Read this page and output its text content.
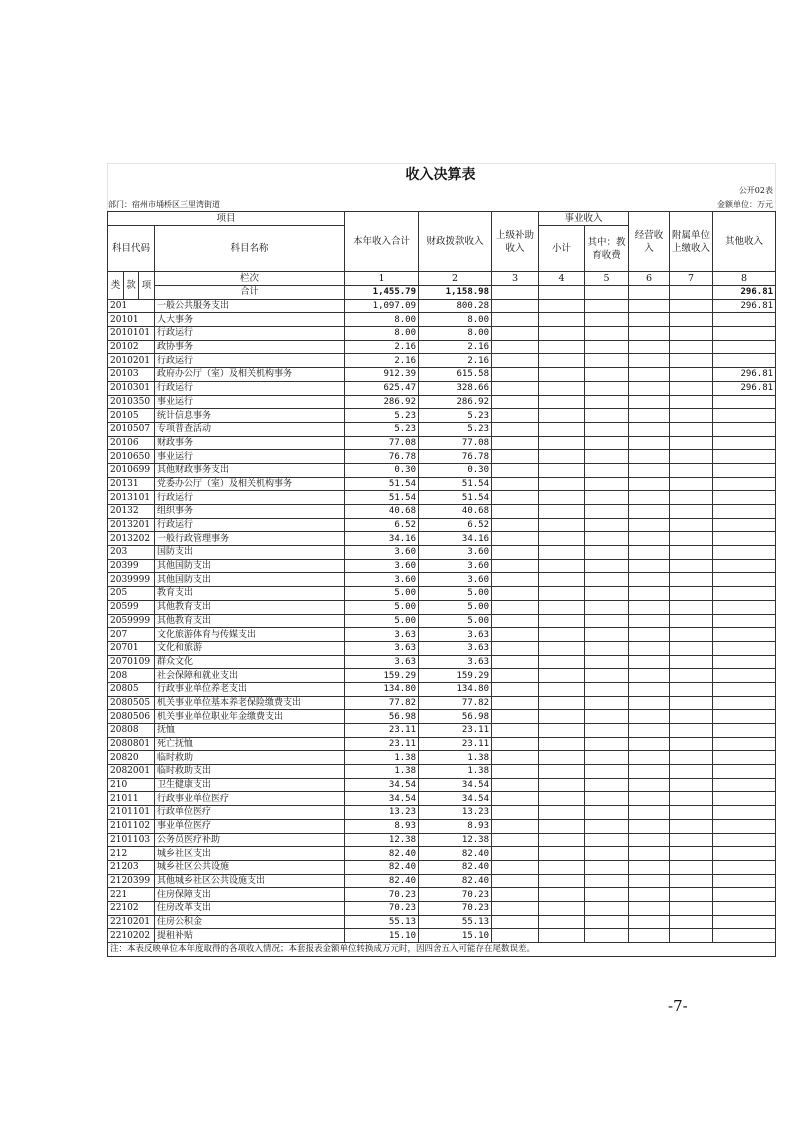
收入决算表
公开02表
部门：宿州市埇桥区三里湾街道	金额单位：万元
项目				本年收入合计	财政拨款收入	上级补助收入	事业收入		经营收入	附属单位上缴收入	其他收入
科目代码			科目名称				小计	其中：教育收费			
类	款	项	栏次	1	2	3	4	5	6	7	8
			合计	1,455.79	1,158.98						296.81
201			一般公共服务支出	1,097.09	800.28						296.81
20101			人大事务	8.00	8.00						
2010101			行政运行	8.00	8.00						
20102			政协事务	2.16	2.16						
2010201			行政运行	2.16	2.16						
20103			政府办公厅（室）及相关机构事务	912.39	615.58						296.81
2010301			行政运行	625.47	328.66						296.81
2010350			事业运行	286.92	286.92						
20105			统计信息事务	5.23	5.23						
2010507			专项普查活动	5.23	5.23						
20106			财政事务	77.08	77.08						
2010650			事业运行	76.78	76.78						
2010699			其他财政事务支出	0.30	0.30						
20131			党委办公厅（室）及相关机构事务	51.54	51.54						
2013101			行政运行	51.54	51.54						
20132			组织事务	40.68	40.68						
2013201			行政运行	6.52	6.52						
2013202			一般行政管理事务	34.16	34.16						
203			国防支出	3.60	3.60						
20399			其他国防支出	3.60	3.60						
2039999			其他国防支出	3.60	3.60						
205			教育支出	5.00	5.00						
20599			其他教育支出	5.00	5.00						
2059999			其他教育支出	5.00	5.00						
207			文化旅游体育与传媒支出	3.63	3.63						
20701			文化和旅游	3.63	3.63						
2070109			群众文化	3.63	3.63						
208			社会保障和就业支出	159.29	159.29						
20805			行政事业单位养老支出	134.80	134.80						
2080505			机关事业单位基本养老保险缴费支出	77.82	77.82						
2080506			机关事业单位职业年金缴费支出	56.98	56.98						
20808			抚恤	23.11	23.11						
2080801			死亡抚恤	23.11	23.11						
20820			临时救助	1.38	1.38						
2082001			临时救助支出	1.38	1.38						
210			卫生健康支出	34.54	34.54						
21011			行政事业单位医疗	34.54	34.54						
2101101			行政单位医疗	13.23	13.23						
2101102			事业单位医疗	8.93	8.93						
2101103			公务员医疗补助	12.38	12.38						
212			城乡社区支出	82.40	82.40						
21203			城乡社区公共设施	82.40	82.40						
2120399			其他城乡社区公共设施支出	82.40	82.40						
221			住房保障支出	70.23	70.23						
22102			住房改革支出	70.23	70.23						
2210201			住房公积金	55.13	55.13						
2210202			提租补贴	15.10	15.10						
注：本表反映单位本年度取得的各项收入情况；本套报表金额单位转换成万元时，因四舍五入可能存在尾数误差。											
-7-
